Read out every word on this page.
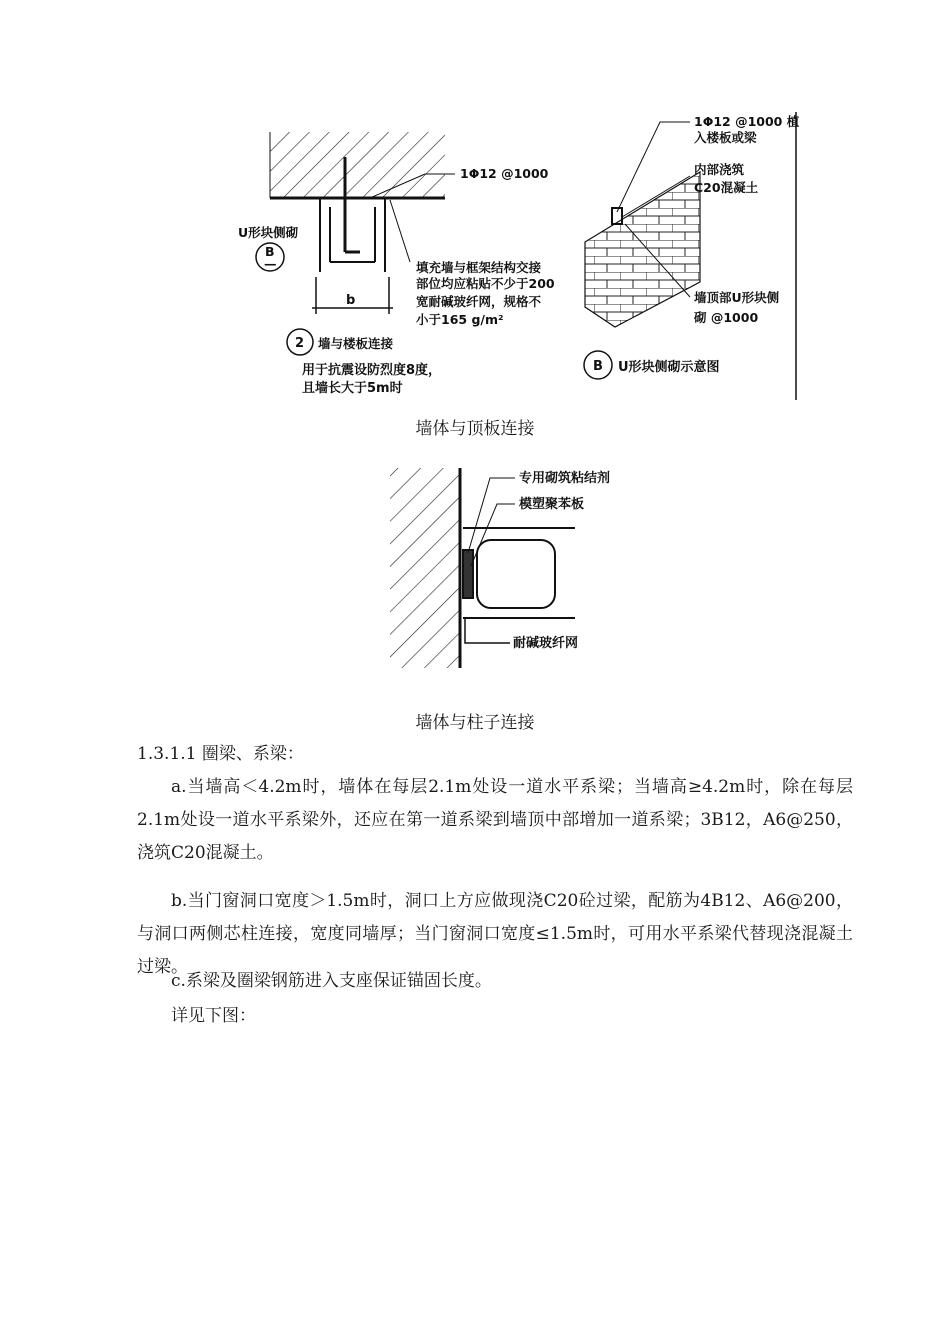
b
1Φ12 @1000
U形块侧砌
B
—	填充墙与框架结构交接
部位均应粘贴不少于200
宽耐碱玻纤网，规格不
小于165 g/m²
2 墙与楼板连接
用于抗震设防烈度8度，
且墙长大于5m时
1Φ12 @1000 植
入楼板或梁
内部浇筑
C20混凝土
墙顶部U形块侧
砌 @1000
B U形块侧砌示意图
墙体与顶板连接
专用砌筑粘结剂
模塑聚苯板
耐碱玻纤网
墙体与柱子连接
1.3.1.1 圈梁、系梁：
a.当墙高＜4.2m时，墙体在每层2.1m处设一道水平系梁；当墙高≥4.2m时，除在每层2.1m处设一道水平系梁外，还应在第一道系梁到墙顶中部增加一道系梁；3B12，A6@250，浇筑C20混凝土。
b.当门窗洞口宽度＞1.5m时，洞口上方应做现浇C20砼过梁，配筋为4B12、A6@200，与洞口两侧芯柱连接，宽度同墙厚；当门窗洞口宽度≤1.5m时，可用水平系梁代替现浇混凝土过梁。
c.系梁及圈梁钢筋进入支座保证锚固长度。
详见下图：
